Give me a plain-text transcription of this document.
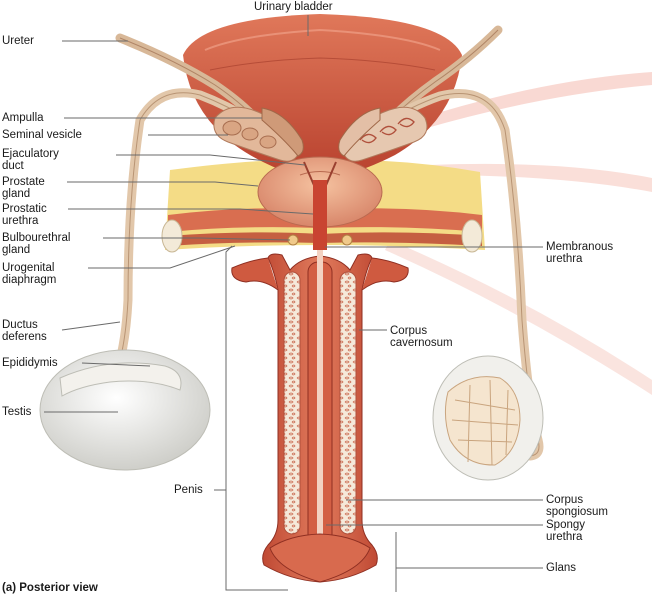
Urinary bladder
Ureter
Ampulla
Seminal vesicle
Ejaculatory
duct
Prostate
gland
Prostatic
urethra
Bulbourethral
gland
Urogenital
diaphragm
Ductus
deferens
Epididymis
Testis
Penis
Membranous
urethra
Corpus
cavernosum
Corpus
spongiosum
Spongy
urethra
Glans
(a) Posterior view
